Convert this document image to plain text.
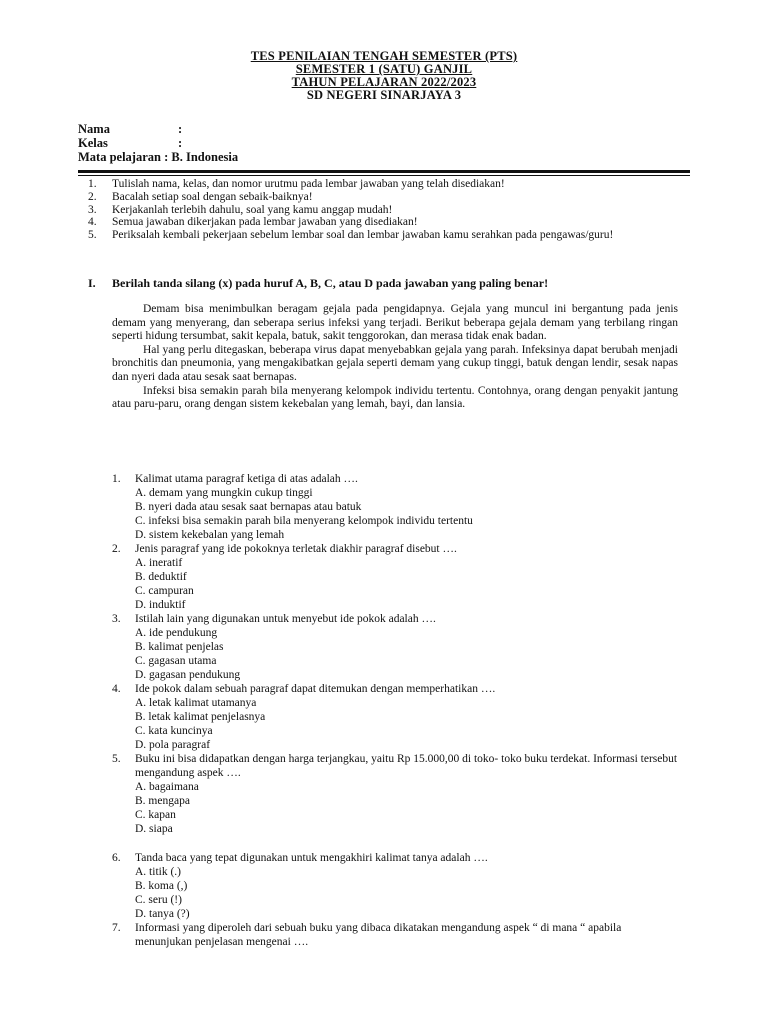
TES PENILAIAN TENGAH SEMESTER (PTS)
SEMESTER 1 (SATU) GANJIL
TAHUN PELAJARAN 2022/2023
SD NEGERI SINARJAYA 3
Nama	:
Kelas	:
Mata pelajaran : B. Indonesia
1. Tulislah nama, kelas, dan nomor urutmu pada lembar jawaban yang telah disediakan!
2. Bacalah setiap soal dengan sebaik-baiknya!
3. Kerjakanlah terlebih dahulu, soal yang kamu anggap mudah!
4. Semua jawaban dikerjakan pada lembar jawaban yang disediakan!
5. Periksalah kembali pekerjaan sebelum lembar soal dan lembar jawaban kamu serahkan pada pengawas/guru!
I. Berilah tanda silang (x) pada huruf A, B, C, atau D pada jawaban yang paling benar!

Demam bisa menimbulkan beragam gejala pada pengidapnya. Gejala yang muncul ini bergantung pada jenis demam yang menyerang, dan seberapa serius infeksi yang terjadi. Berikut beberapa gejala demam yang terbilang ringan seperti hidung tersumbat, sakit kepala, batuk, sakit tenggorokan, dan merasa tidak enak badan.

Hal yang perlu ditegaskan, beberapa virus dapat menyebabkan gejala yang parah. Infeksinya dapat berubah menjadi bronchitis dan pneumonia, yang mengakibatkan gejala seperti demam yang cukup tinggi, batuk dengan lendir, sesak napas dan nyeri dada atau sesak saat bernapas.

Infeksi bisa semakin parah bila menyerang kelompok individu tertentu. Contohnya, orang dengan penyakit jantung atau paru-paru, orang dengan sistem kekebalan yang lemah, bayi, dan lansia.

1. Kalimat utama paragraf ketiga di atas adalah ….
A. demam yang mungkin cukup tinggi
B. nyeri dada atau sesak saat bernapas atau batuk
C. infeksi bisa semakin parah bila menyerang kelompok individu tertentu
D. sistem kekebalan yang lemah
2. Jenis paragraf yang ide pokoknya terletak diakhir paragraf disebut ….
A. ineratif
B. deduktif
C. campuran
D. induktif
3. Istilah lain yang digunakan untuk menyebut ide pokok adalah ….
A. ide pendukung
B. kalimat penjelas
C. gagasan utama
D. gagasan pendukung
4. Ide pokok dalam sebuah paragraf dapat ditemukan dengan memperhatikan ….
A. letak kalimat utamanya
B. letak kalimat penjelasnya
C. kata kuncinya
D. pola paragraf
5. Buku ini bisa didapatkan dengan harga terjangkau, yaitu Rp 15.000,00 di toko- toko buku terdekat. Informasi tersebut mengandung aspek ….
A. bagaimana
B. mengapa
C. kapan
D. siapa
6. Tanda baca yang tepat digunakan untuk mengakhiri kalimat tanya adalah ….
A. titik (.)
B. koma (,)
C. seru (!)
D. tanya (?)
7. Informasi yang diperoleh dari sebuah buku yang dibaca dikatakan mengandung aspek “ di mana “ apabila menunjukan penjelasan mengenai ….
